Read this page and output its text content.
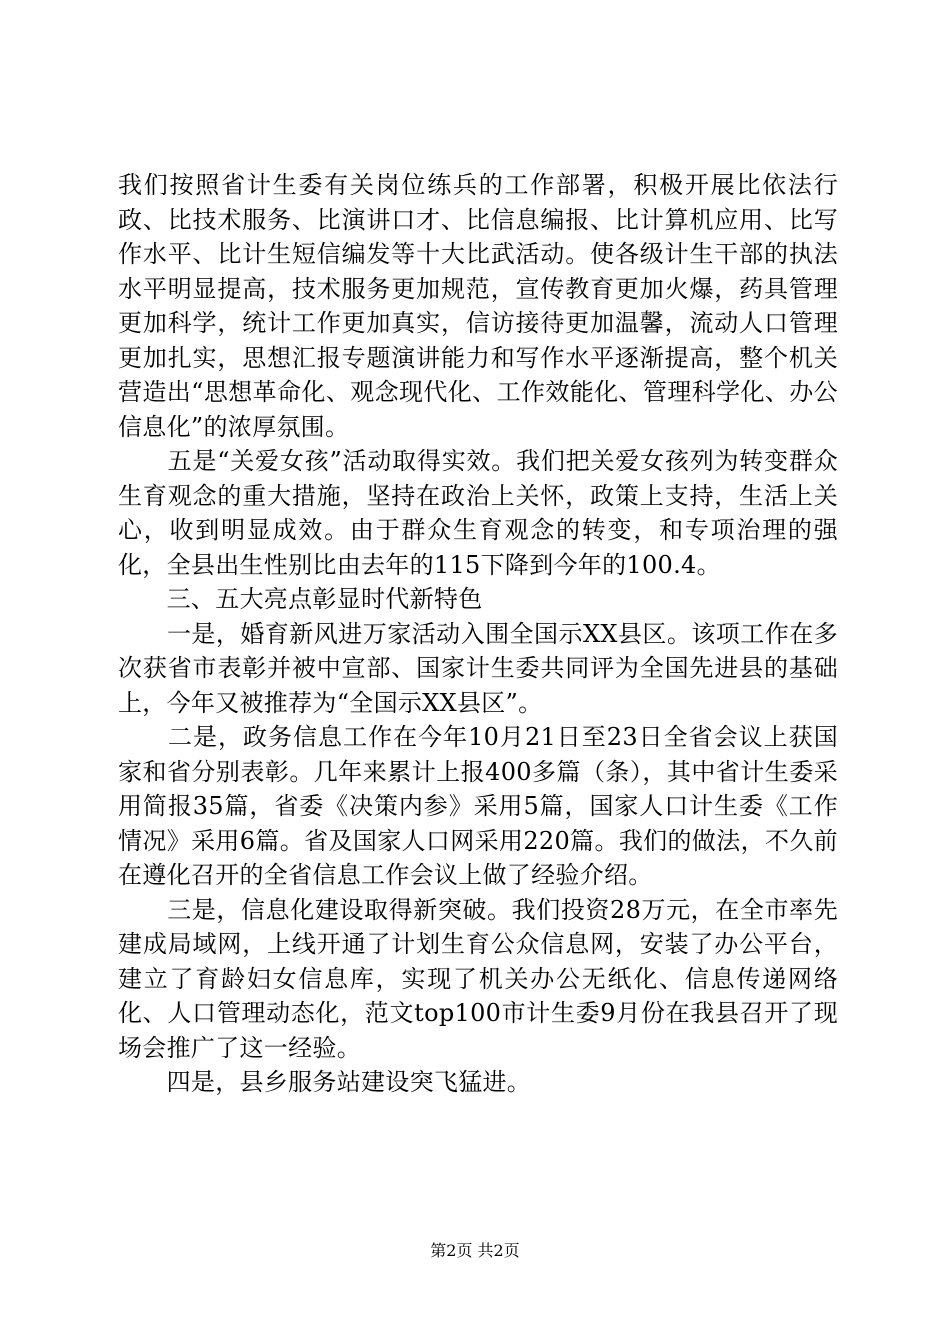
我们按照省计生委有关岗位练兵的工作部署，积极开展比依法行政、比技术服务、比演讲口才、比信息编报、比计算机应用、比写作水平、比计生短信编发等十大比武活动。使各级计生干部的执法水平明显提高，技术服务更加规范，宣传教育更加火爆，药具管理更加科学，统计工作更加真实，信访接待更加温馨，流动人口管理更加扎实，思想汇报专题演讲能力和写作水平逐渐提高，整个机关营造出“思想革命化、观念现代化、工作效能化、管理科学化、办公信息化”的浓厚氛围。

　　五是“关爱女孩”活动取得实效。我们把关爱女孩列为转变群众生育观念的重大措施，坚持在政治上关怀，政策上支持，生活上关心，收到明显成效。由于群众生育观念的转变，和专项治理的强化，全县出生性别比由去年的115下降到今年的100.4。

　　三、五大亮点彰显时代新特色

　　一是，婚育新风进万家活动入围全国示XX县区。该项工作在多次获省市表彰并被中宣部、国家计生委共同评为全国先进县的基础上，今年又被推荐为“全国示XX县区”。

　　二是，政务信息工作在今年10月21日至23日全省会议上获国家和省分别表彰。几年来累计上报400多篇（条），其中省计生委采用简报35篇，省委《决策内参》采用5篇，国家人口计生委《工作情况》采用6篇。省及国家人口网采用220篇。我们的做法，不久前在遵化召开的全省信息工作会议上做了经验介绍。

　　三是，信息化建设取得新突破。我们投资28万元，在全市率先建成局域网，上线开通了计划生育公众信息网，安装了办公平台，建立了育龄妇女信息库，实现了机关办公无纸化、信息传递网络化、人口管理动态化，范文top100市计生委9月份在我县召开了现场会推广了这一经验。

　　四是，县乡服务站建设突飞猛进。

第2页 共2页
